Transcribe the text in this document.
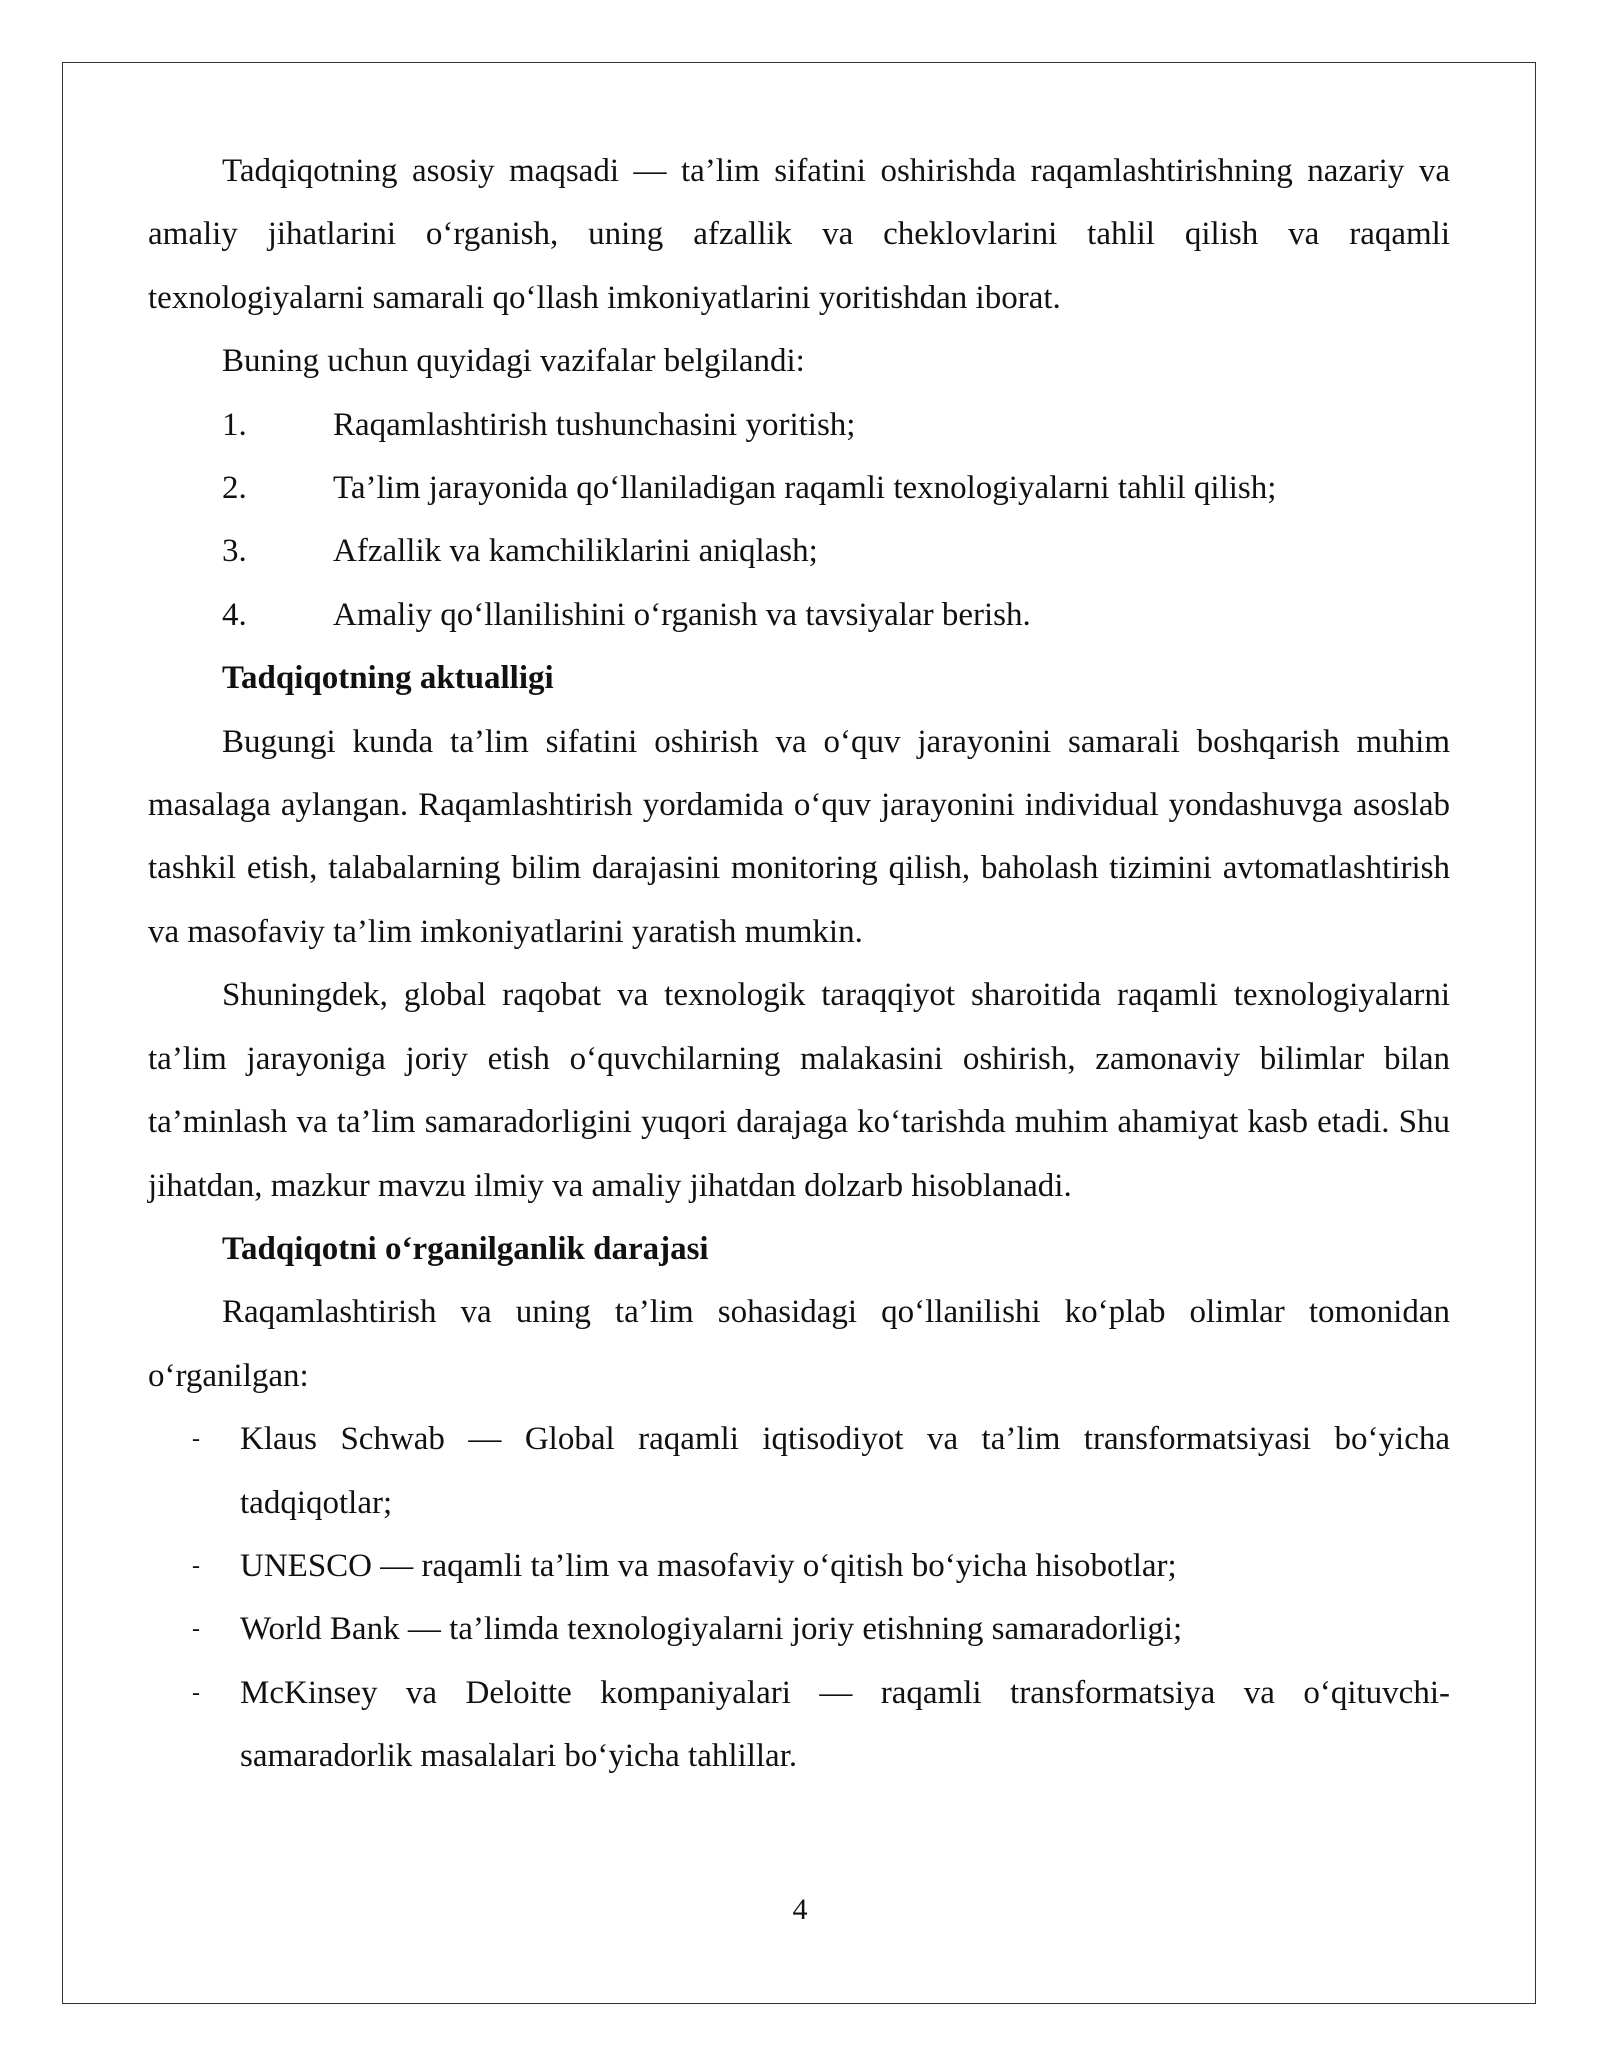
Tadqiqotning asosiy maqsadi — ta’lim sifatini oshirishda raqamlashtirishning nazariy va amaliy jihatlarini o‘rganish, uning afzallik va cheklovlarini tahlil qilish va raqamli texnologiyalarni samarali qo‘llash imkoniyatlarini yoritishdan iborat.

Buning uchun quyidagi vazifalar belgilandi:

1.	Raqamlashtirish tushunchasini yoritish;
2.	Ta’lim jarayonida qo‘llaniladigan raqamli texnologiyalarni tahlil qilish;
3.	Afzallik va kamchiliklarini aniqlash;
4.	Amaliy qo‘llanilishini o‘rganish va tavsiyalar berish.
Tadqiqotning aktualligi

Bugungi kunda ta’lim sifatini oshirish va o‘quv jarayonini samarali boshqarish muhim masalaga aylangan. Raqamlashtirish yordamida o‘quv jarayonini individual yondashuvga asoslab tashkil etish, talabalarning bilim darajasini monitoring qilish, baholash tizimini avtomatlashtirish va masofaviy ta’lim imkoniyatlarini yaratish mumkin.

Shuningdek, global raqobat va texnologik taraqqiyot sharoitida raqamli texnologiyalarni ta’lim jarayoniga joriy etish o‘quvchilarning malakasini oshirish, zamonaviy bilimlar bilan ta’minlash va ta’lim samaradorligini yuqori darajaga ko‘tarishda muhim ahamiyat kasb etadi. Shu jihatdan, mazkur mavzu ilmiy va amaliy jihatdan dolzarb hisoblanadi.

Tadqiqotni o‘rganilganlik darajasi

Raqamlashtirish va uning ta’lim sohasidagi qo‘llanilishi ko‘plab olimlar tomonidan o‘rganilgan:

-	Klaus Schwab — Global raqamli iqtisodiyot va ta’lim transformatsiyasi bo‘yicha tadqiqotlar;
-	UNESCO — raqamli ta’lim va masofaviy o‘qitish bo‘yicha hisobotlar;
-	World Bank — ta’limda texnologiyalarni joriy etishning samaradorligi;
-	McKinsey va Deloitte kompaniyalari — raqamli transformatsiya va o‘qituvchi-samaradorlik masalalari bo‘yicha tahlillar.
4
